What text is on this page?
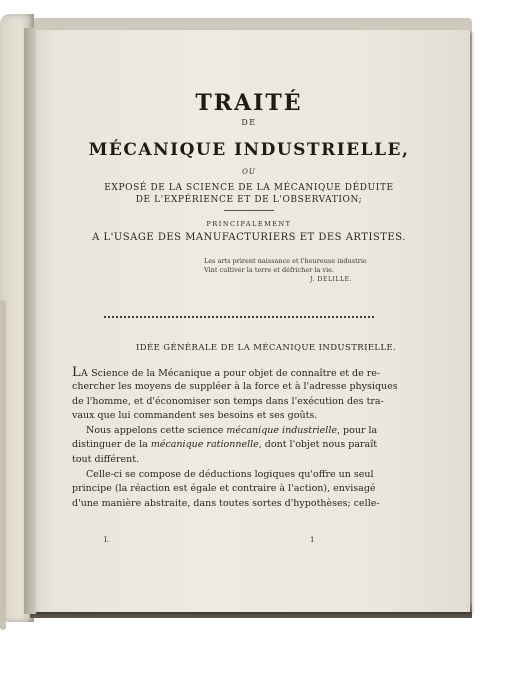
TRAITÉ
DE
MÉCANIQUE INDUSTRIELLE,
OU
EXPOSÉ DE LA SCIENCE DE LA MÉCANIQUE DÉDUITE
DE L'EXPÉRIENCE ET DE L'OBSERVATION;
PRINCIPALEMENT
A L'USAGE DES MANUFACTURIERS ET DES ARTISTES.
Les arts prirent naissance et l'heureuse industrie
Vint cultiver la terre et défricher la vie.
J. DELILLE.
IDÉE GÉNÉRALE DE LA MÉCANIQUE INDUSTRIELLE.
La Science de la Mécanique a pour objet de connaître et de re-
chercher les moyens de suppléer à la force et à l'adresse physiques
de l'homme, et d'économiser son temps dans l'exécution des tra-
vaux que lui commandent ses besoins et ses goûts.
Nous appelons cette science mécanique industrielle, pour la
distinguer de la mécanique rationnelle, dont l'objet nous paraît
tout différent.
Celle-ci se compose de déductions logiques qu'offre un seul
principe (la réaction est égale et contraire à l'action), envisagé
d'une manière abstraite, dans toutes sortes d'hypothèses; celle-
I.	1
